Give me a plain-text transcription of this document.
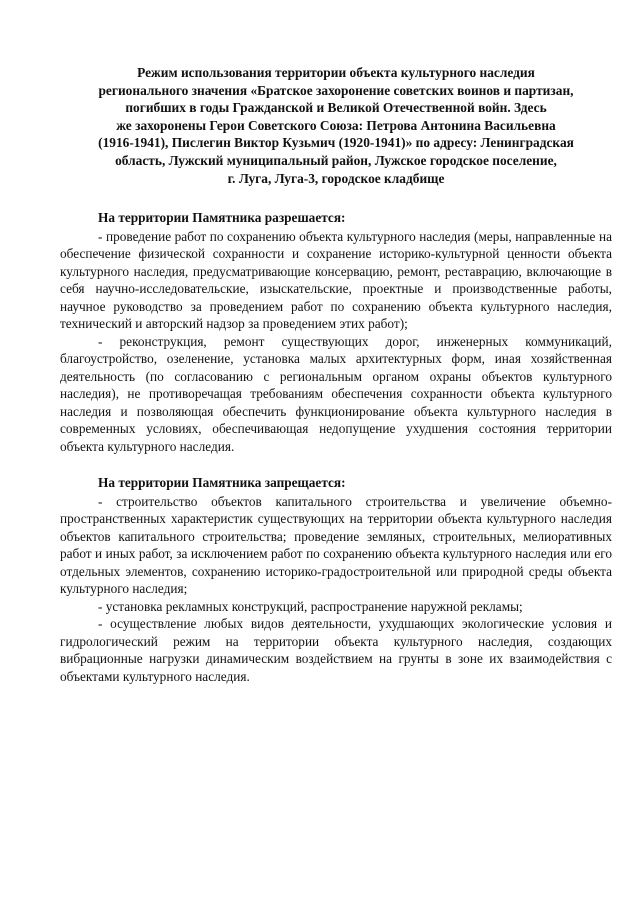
Режим использования территории объекта культурного наследия
регионального значения «Братское захоронение советских воинов и партизан,
погибших в годы Гражданской и Великой Отечественной войн. Здесь
же захоронены Герои Советского Союза: Петрова Антонина Васильевна
(1916-1941), Пислегин Виктор Кузьмич (1920-1941)» по адресу: Ленинградская
область, Лужский муниципальный район, Лужское городское поселение,
г. Луга, Луга-3, городское кладбище

На территории Памятника разрешается:

- проведение работ по сохранению объекта культурного наследия (меры, направленные на обеспечение физической сохранности и сохранение историко-культурной ценности объекта культурного наследия, предусматривающие консервацию, ремонт, реставрацию, включающие в себя научно-исследовательские, изыскательские, проектные и производственные работы, научное руководство за проведением работ по сохранению объекта культурного наследия, технический и авторский надзор за проведением этих работ);

- реконструкция, ремонт существующих дорог, инженерных коммуникаций, благоустройство, озеленение, установка малых архитектурных форм, иная хозяйственная деятельность (по согласованию с региональным органом охраны объектов культурного наследия), не противоречащая требованиям обеспечения сохранности объекта культурного наследия и позволяющая обеспечить функционирование объекта культурного наследия в современных условиях, обеспечивающая недопущение ухудшения состояния территории объекта культурного наследия.

На территории Памятника запрещается:

- строительство объектов капитального строительства и увеличение объемно-пространственных характеристик существующих на территории объекта культурного наследия объектов капитального строительства; проведение земляных, строительных, мелиоративных работ и иных работ, за исключением работ по сохранению объекта культурного наследия или его отдельных элементов, сохранению историко-градостроительной или природной среды объекта культурного наследия;

- установка рекламных конструкций, распространение наружной рекламы;

- осуществление любых видов деятельности, ухудшающих экологические условия и гидрологический режим на территории объекта культурного наследия, создающих вибрационные нагрузки динамическим воздействием на грунты в зоне их взаимодействия с объектами культурного наследия.
